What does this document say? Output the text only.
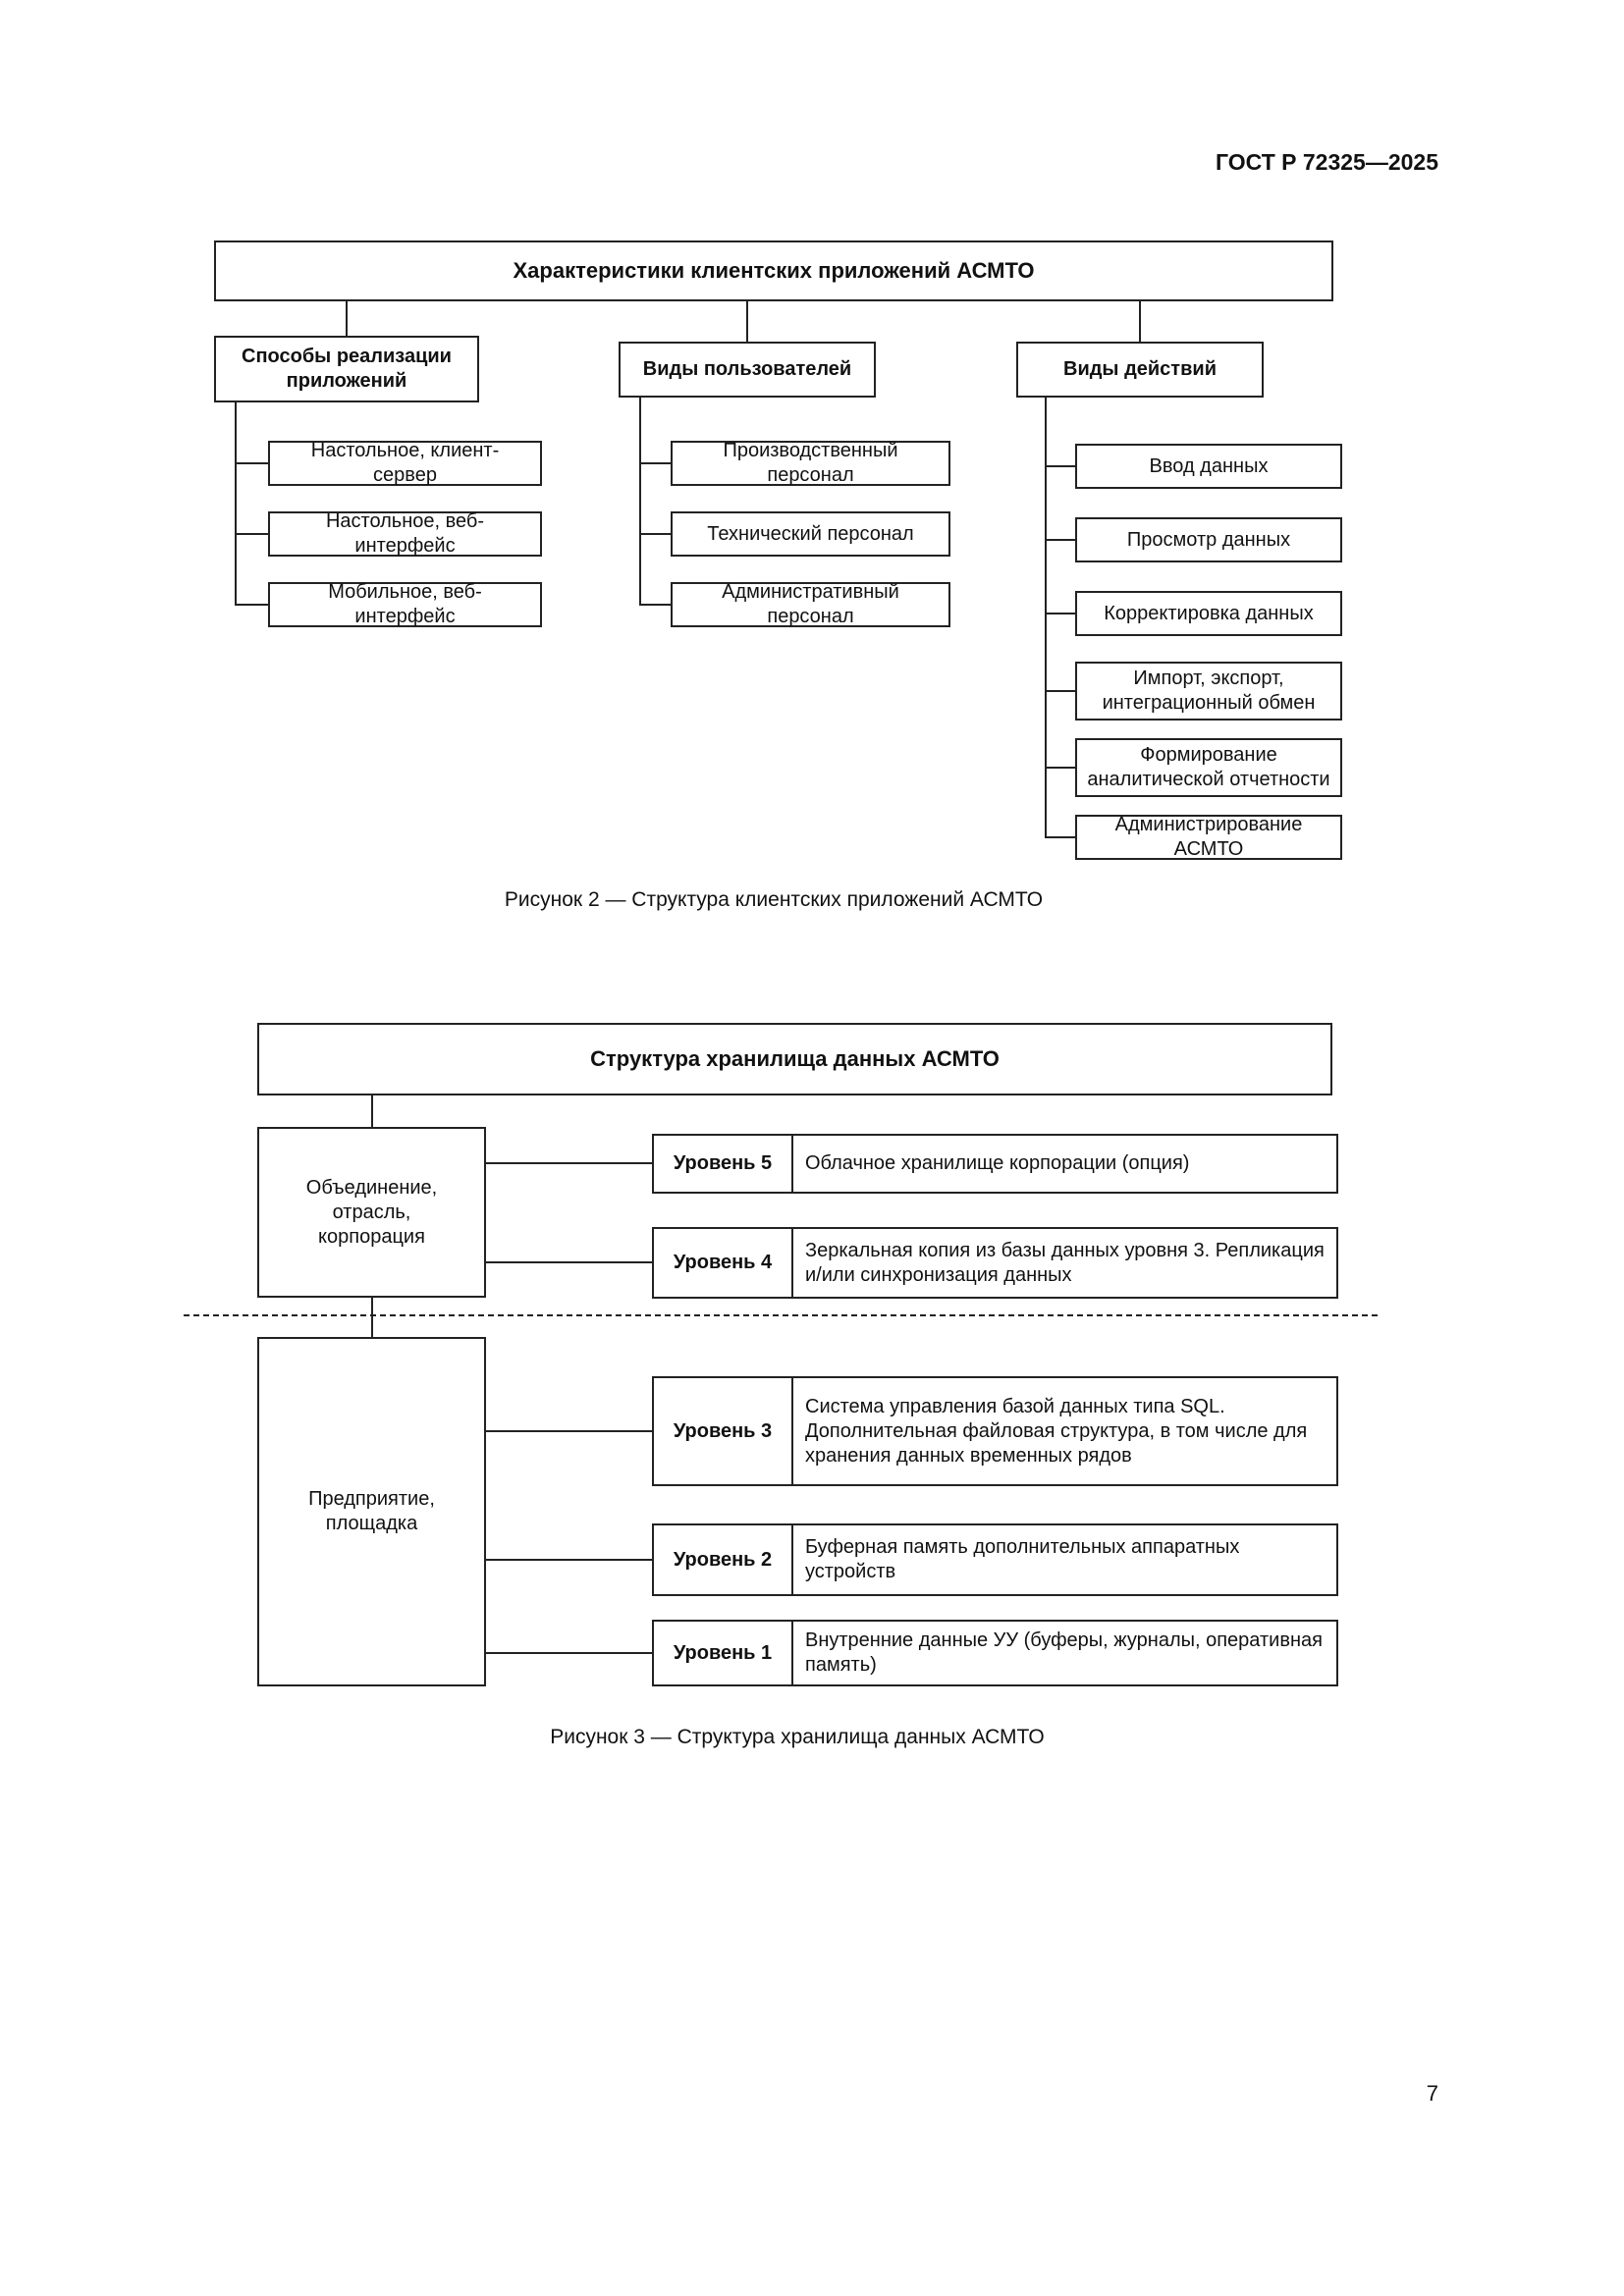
ГОСТ Р 72325—2025
Характеристики клиентских приложений АСМТО
Способы реализации приложений
Виды пользователей	Виды действий
Настольное, клиент-сервер
Настольное, веб-интерфейс
Мобильное, веб-интерфейс
Производственный персонал
Технический персонал
Административный персонал
Ввод данных
Просмотр данных
Корректировка данных
Импорт, экспорт, интеграционный обмен
Формирование аналитической отчетности
Администрирование АСМТО
Рисунок 2 — Структура клиентских приложений АСМТО
Структура хранилища данных АСМТО
Объединение, отрасль, корпорация
Предприятие, площадка
Уровень 5	Облачное хранилище корпорации (опция)
Уровень 4
Зеркальная копия из базы данных уровня 3. Репликация и/или синхронизация данных
Уровень 3
Система управления базой данных типа SQL. Дополнительная файловая структура, в том числе для хранения данных временных рядов
Уровень 2
Буферная память дополнительных аппаратных устройств
Уровень 1
Внутренние данные УУ (буферы, журналы, оперативная память)
Рисунок 3 — Структура хранилища данных АСМТО
7
